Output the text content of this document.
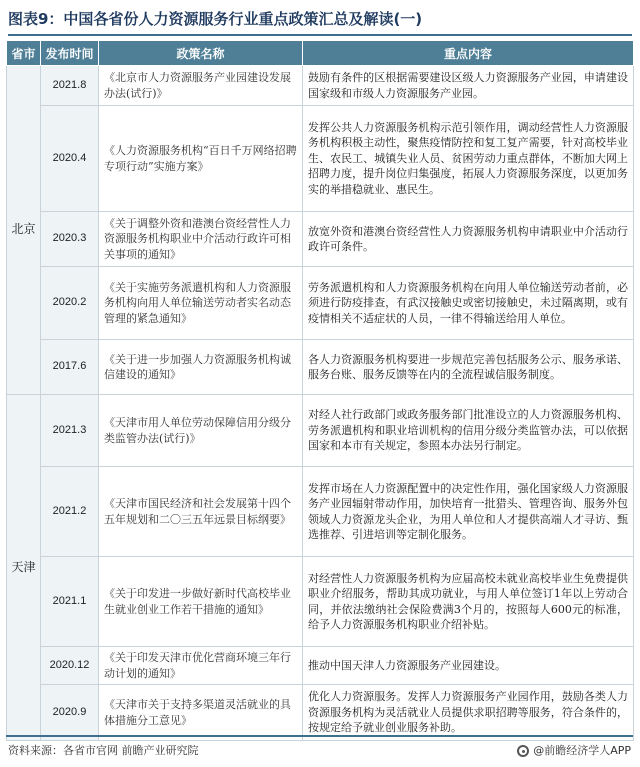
图表9：中国各省份人力资源服务行业重点政策汇总及解读(一)
省市	发布时间	政策名称	重点内容
北京	2021.8	《北京市人力资源服务产业园建设发展办法(试行)》	鼓励有条件的区根据需要建设区级人力资源服务产业园，申请建设国家级和市级人力资源服务产业园。
	2020.4	《人力资源服务机构“百日千万网络招聘专项行动”实施方案》	发挥公共人力资源服务机构示范引领作用，调动经营性人力资源服务机构积极主动性，聚焦疫情防控和复工复产需要，针对高校毕业生、农民工、城镇失业人员、贫困劳动力重点群体，不断加大网上招聘力度，提升岗位归集强度，拓展人力资源服务深度，以更加务实的举措稳就业、惠民生。
	2020.3	《关于调整外资和港澳台资经营性人力资源服务机构职业中介活动行政许可相关事项的通知》	放宽外资和港澳台资经营性人力资源服务机构申请职业中介活动行政许可条件。
	2020.2	《关于实施劳务派遣机构和人力资源服务机构向用人单位输送劳动者实名动态管理的紧急通知》	劳务派遣机构和人力资源服务机构在向用人单位输送劳动者前，必须进行防疫排查，有武汉接触史或密切接触史，未过隔离期，或有疫情相关不适症状的人员，一律不得输送给用人单位。
	2017.6	《关于进一步加强人力资源服务机构诚信建设的通知》	各人力资源服务机构要进一步规范完善包括服务公示、服务承诺、服务台账、服务反馈等在内的全流程诚信服务制度。
天津	2021.3	《天津市用人单位劳动保障信用分级分类监管办法(试行)》	对经人社行政部门或政务服务部门批准设立的人力资源服务机构、劳务派遣机构和职业培训机构的信用分级分类监管办法，可以依据国家和本市有关规定，参照本办法另行制定。
	2021.2	《天津市国民经济和社会发展第十四个五年规划和二〇三五年远景目标纲要》	发挥市场在人力资源配置中的决定性作用，强化国家级人力资源服务产业园辐射带动作用，加快培育一批猎头、管理咨询、服务外包领域人力资源龙头企业，为用人单位和人才提供高端人才寻访、甄选推荐、引进培训等定制化服务。
	2021.1	《关于印发进一步做好新时代高校毕业生就业创业工作若干措施的通知》	对经营性人力资源服务机构为应届高校未就业高校毕业生免费提供职业介绍服务，帮助其成功就业，与用人单位签订1年以上劳动合同，并依法缴纳社会保险费满3个月的，按照每人600元的标准，给予人力资源服务机构职业介绍补贴。
	2020.12	《关于印发天津市优化营商环境三年行动计划的通知》	推动中国天津人力资源服务产业园建设。
	2020.9	《天津市关于支持多渠道灵活就业的具体措施分工意见》	优化人力资源服务。发挥人力资源服务产业园作用，鼓励各类人力资源服务机构为灵活就业人员提供求职招聘等服务，符合条件的，按规定给予就业创业服务补助。
资料来源：各省市官网 前瞻产业研究院	@前瞻经济学人APP
